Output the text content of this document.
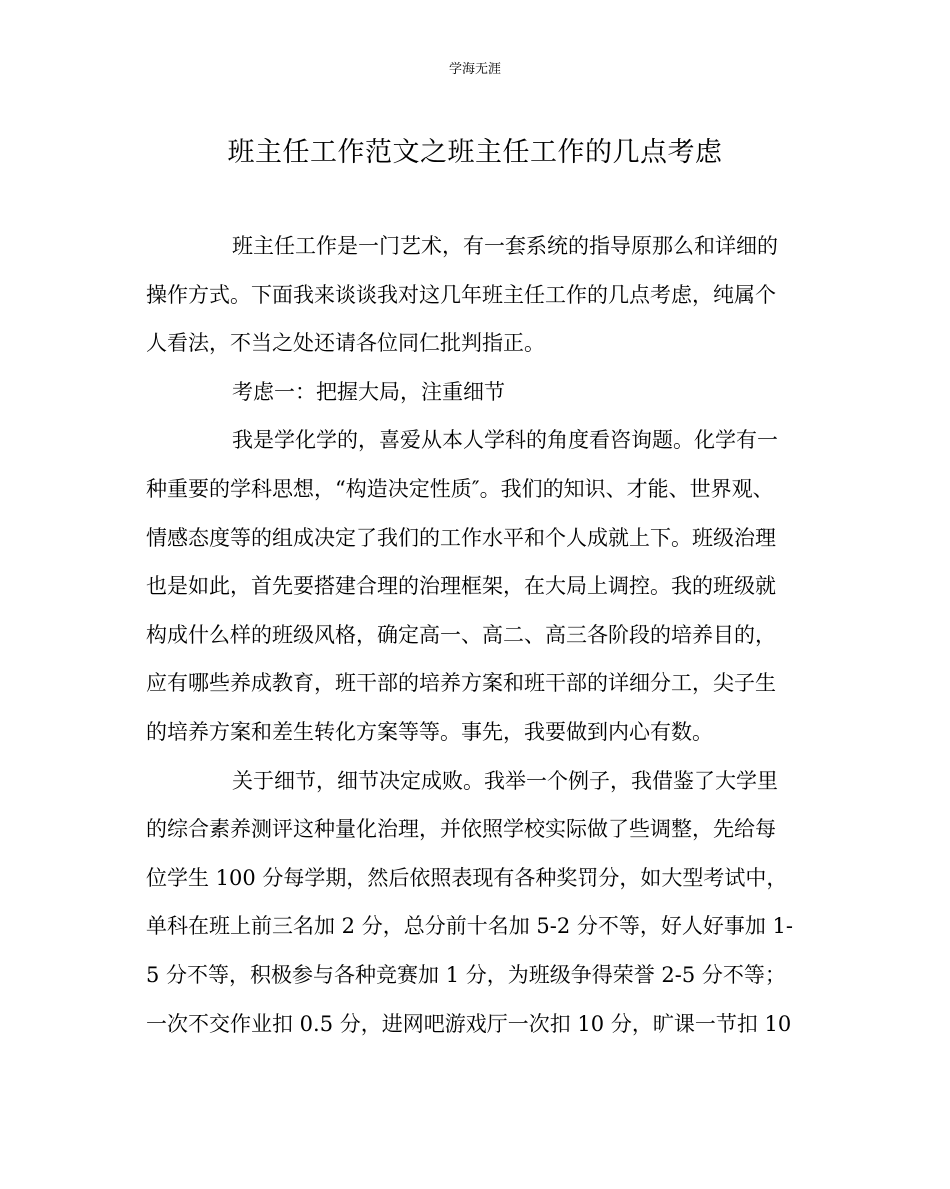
学海无涯
班主任工作范文之班主任工作的几点考虑
班主任工作是一门艺术，有一套系统的指导原那么和详细的
操作方式。下面我来谈谈我对这几年班主任工作的几点考虑，纯属个
人看法，不当之处还请各位同仁批判指正。
考虑一：把握大局，注重细节
我是学化学的，喜爱从本人学科的角度看咨询题。化学有一
种重要的学科思想，“构造决定性质″。我们的知识、才能、世界观、
情感态度等的组成决定了我们的工作水平和个人成就上下。班级治理
也是如此，首先要搭建合理的治理框架，在大局上调控。我的班级就
构成什么样的班级风格，确定高一、高二、高三各阶段的培养目的，
应有哪些养成教育，班干部的培养方案和班干部的详细分工，尖子生
的培养方案和差生转化方案等等。事先，我要做到内心有数。
关于细节，细节决定成败。我举一个例子，我借鉴了大学里
的综合素养测评这种量化治理，并依照学校实际做了些调整，先给每
位学生 100 分每学期，然后依照表现有各种奖罚分，如大型考试中，
单科在班上前三名加 2 分，总分前十名加 5-2 分不等，好人好事加 1-
5 分不等，积极参与各种竞赛加 1 分，为班级争得荣誉 2-5 分不等；
一次不交作业扣 0.5 分，进网吧游戏厅一次扣 10 分，旷课一节扣 10
